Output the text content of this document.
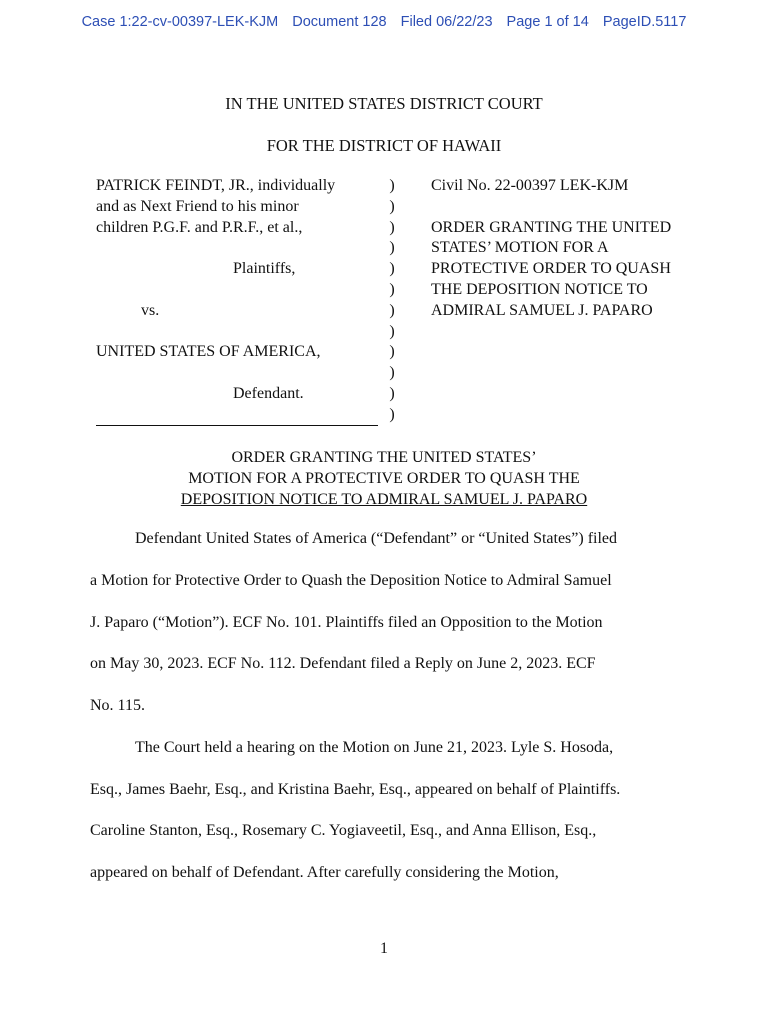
Case 1:22-cv-00397-LEK-KJM Document 128 Filed 06/22/23 Page 1 of 14 PageID.5117
IN THE UNITED STATES DISTRICT COURT
FOR THE DISTRICT OF HAWAII
PATRICK FEINDT, JR., individually
and as Next Friend to his minor
children P.G.F. and P.R.F., et al.,
Plaintiffs,
vs.
UNITED STATES OF AMERICA,
Defendant.
)
)
)
)
)
)
)
)
)
)
)
)
Civil No. 22-00397 LEK-KJM
ORDER GRANTING THE UNITED
STATES’ MOTION FOR A
PROTECTIVE ORDER TO QUASH
THE DEPOSITION NOTICE TO
ADMIRAL SAMUEL J. PAPARO
ORDER GRANTING THE UNITED STATES’
MOTION FOR A PROTECTIVE ORDER TO QUASH THE
DEPOSITION NOTICE TO ADMIRAL SAMUEL J. PAPARO
Defendant United States of America (“Defendant” or “United States”) filed
a Motion for Protective Order to Quash the Deposition Notice to Admiral Samuel
J. Paparo (“Motion”). ECF No. 101. Plaintiffs filed an Opposition to the Motion
on May 30, 2023. ECF No. 112. Defendant filed a Reply on June 2, 2023. ECF
No. 115.
The Court held a hearing on the Motion on June 21, 2023. Lyle S. Hosoda,
Esq., James Baehr, Esq., and Kristina Baehr, Esq., appeared on behalf of Plaintiffs.
Caroline Stanton, Esq., Rosemary C. Yogiaveetil, Esq., and Anna Ellison, Esq.,
appeared on behalf of Defendant. After carefully considering the Motion,
1
